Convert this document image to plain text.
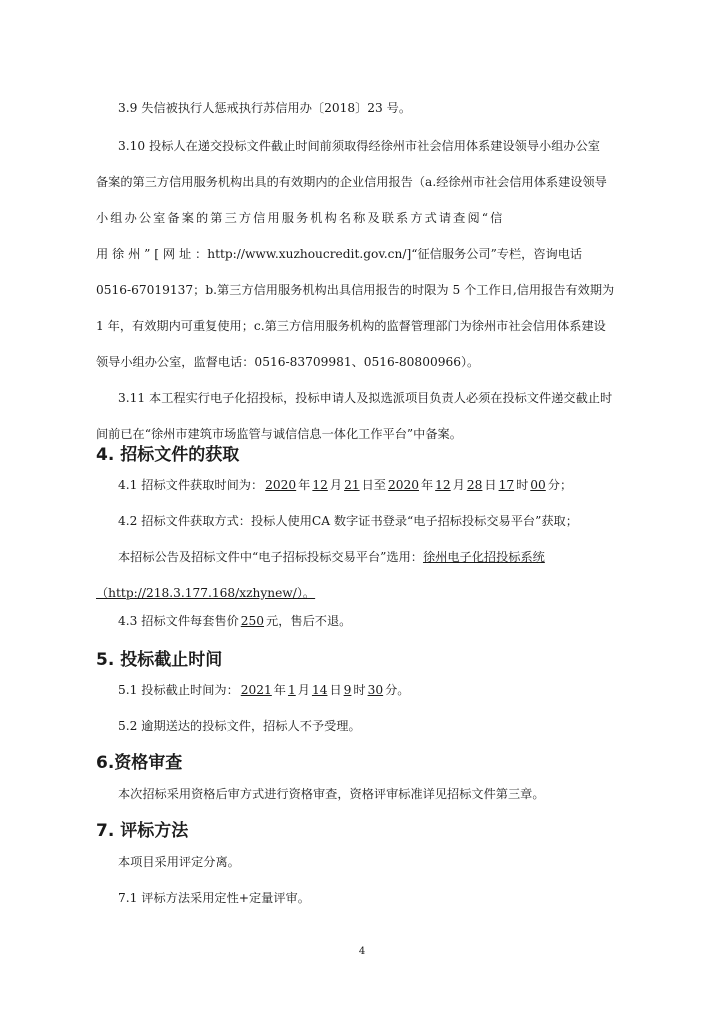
3.9 失信被执行人惩戒执行苏信用办〔2018〕23 号。
3.10 投标人在递交投标文件截止时间前须取得经徐州市社会信用体系建设领导小组办公室
备案的第三方信用服务机构出具的有效期内的企业信用报告（a.经徐州市社会信用体系建设领导
小组办公室备案的第三方信用服务机构名称及联系方式请查阅“信
用 徐 州 ” [ 网 址 ：http://www.xuzhoucredit.gov.cn/]“征信服务公司”专栏，咨询电话
0516-67019137；b.第三方信用服务机构出具信用报告的时限为 5 个工作日,信用报告有效期为
1 年，有效期内可重复使用；c.第三方信用服务机构的监督管理部门为徐州市社会信用体系建设
领导小组办公室，监督电话：0516-83709981、0516-80800966）。
3.11 本工程实行电子化招投标，投标申请人及拟选派项目负责人必须在投标文件递交截止时
间前已在“徐州市建筑市场监管与诚信信息一体化工作平台”中备案。
4. 招标文件的获取
4.1 招标文件获取时间为： 2020 年 12 月 21 日至 2020 年 12 月 28 日 17 时 00 分；
4.2 招标文件获取方式：投标人使用CA 数字证书登录“电子招标投标交易平台”获取；
本招标公告及招标文件中“电子招标投标交易平台”选用：徐州电子化招投标系统
（http://218.3.177.168/xzhynew/）。
4.3 招标文件每套售价 250 元，售后不退。
5. 投标截止时间
5.1 投标截止时间为： 2021 年 1 月 14 日 9 时 30 分。
5.2 逾期送达的投标文件，招标人不予受理。
6.资格审查
本次招标采用资格后审方式进行资格审查，资格评审标准详见招标文件第三章。
7. 评标方法
本项目采用评定分离。
7.1 评标方法采用定性+定量评审。
4
